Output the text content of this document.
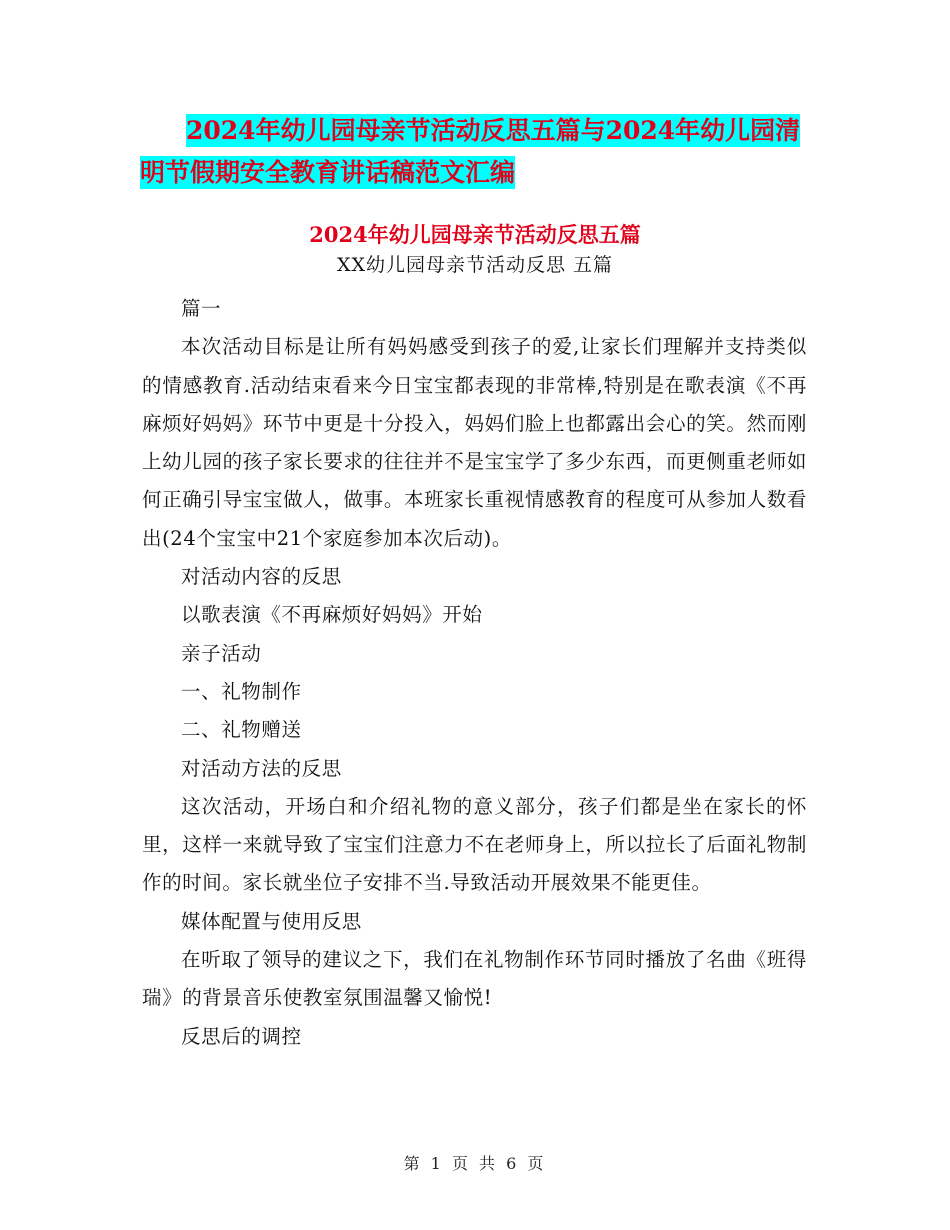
2024年幼儿园母亲节活动反思五篇与2024年幼儿园清
明节假期安全教育讲话稿范文汇编
2024年幼儿园母亲节活动反思五篇
XX幼儿园母亲节活动反思 五篇

篇一

本次活动目标是让所有妈妈感受到孩子的爱,让家长们理解并支持类似的情感教育.活动结束看来今日宝宝都表现的非常棒,特别是在歌表演《不再麻烦好妈妈》环节中更是十分投入，妈妈们脸上也都露出会心的笑。然而刚上幼儿园的孩子家长要求的往往并不是宝宝学了多少东西，而更侧重老师如何正确引导宝宝做人，做事。本班家长重视情感教育的程度可从参加人数看出(24个宝宝中21个家庭参加本次后动)。

对活动内容的反思

以歌表演《不再麻烦好妈妈》开始

亲子活动

一、礼物制作

二、礼物赠送

对活动方法的反思

这次活动，开场白和介绍礼物的意义部分，孩子们都是坐在家长的怀里，这样一来就导致了宝宝们注意力不在老师身上，所以拉长了后面礼物制作的时间。家长就坐位子安排不当.导致活动开展效果不能更佳。

媒体配置与使用反思

在听取了领导的建议之下，我们在礼物制作环节同时播放了名曲《班得瑞》的背景音乐使教室氛围温馨又愉悦!

反思后的调控

第 1 页 共 6 页
